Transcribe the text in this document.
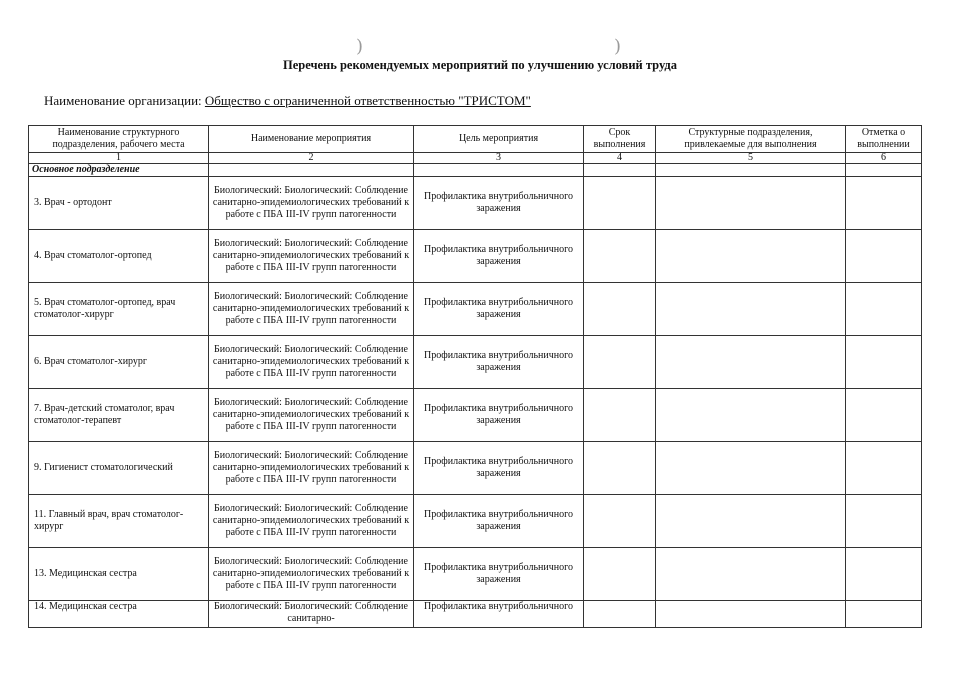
)	)
Перечень рекомендуемых мероприятий по улучшению условий труда
Наименование организации: Общество с ограниченной ответственностью "ТРИСТОМ"
Наименование структурного подразделения, рабочего места	Наименование мероприятия	Цель мероприятия	Срок выполнения	Структурные подразделения, привлекаемые для выполнения	Отметка о выполнении
1	2	3	4	5	6
Основное подразделение					
3. Врач - ортодонт	Биологический: Биологический: Соблюдение санитарно-эпидемиологических требований к работе с ПБА III-IV групп патогенности	Профилактика внутрибольничного заражения			
4. Врач стоматолог-ортопед	Биологический: Биологический: Соблюдение санитарно-эпидемиологических требований к работе с ПБА III-IV групп патогенности	Профилактика внутрибольничного заражения			
5. Врач стоматолог-ортопед, врач стоматолог-хирург	Биологический: Биологический: Соблюдение санитарно-эпидемиологических требований к работе с ПБА III-IV групп патогенности	Профилактика внутрибольничного заражения			
6. Врач стоматолог-хирург	Биологический: Биологический: Соблюдение санитарно-эпидемиологических требований к работе с ПБА III-IV групп патогенности	Профилактика внутрибольничного заражения			
7. Врач-детский стоматолог, врач стоматолог-терапевт	Биологический: Биологический: Соблюдение санитарно-эпидемиологических требований к работе с ПБА III-IV групп патогенности	Профилактика внутрибольничного заражения			
9. Гигиенист стоматологический	Биологический: Биологический: Соблюдение санитарно-эпидемиологических требований к работе с ПБА III-IV групп патогенности	Профилактика внутрибольничного заражения			
11. Главный врач, врач стоматолог-хирург	Биологический: Биологический: Соблюдение санитарно-эпидемиологических требований к работе с ПБА III-IV групп патогенности	Профилактика внутрибольничного заражения			
13. Медицинская сестра	Биологический: Биологический: Соблюдение санитарно-эпидемиологических требований к работе с ПБА III-IV групп патогенности	Профилактика внутрибольничного заражения			
14. Медицинская сестра	Биологический: Биологический: Соблюдение санитарно-	Профилактика внутрибольничного			
